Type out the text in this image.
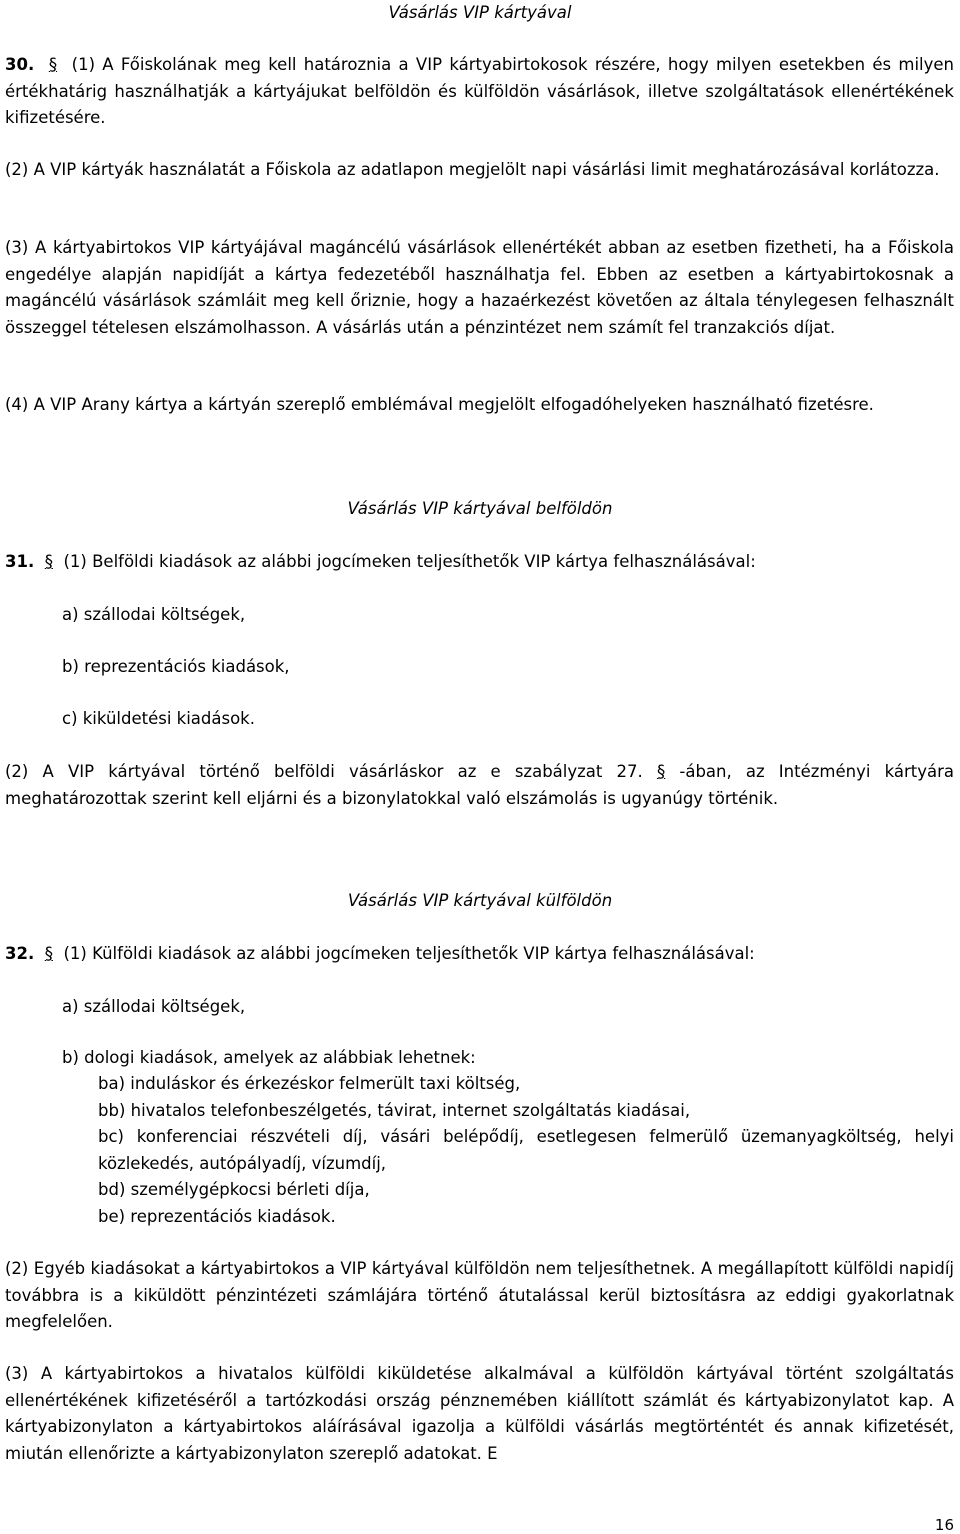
Vásárlás VIP kártyával

30. § (1) A Főiskolának meg kell határoznia a VIP kártyabirtokosok részére, hogy milyen esetekben és milyen értékhatárig használhatják a kártyájukat belföldön és külföldön vásárlások, illetve szolgáltatások ellenértékének kifizetésére.

(2) A VIP kártyák használatát a Főiskola az adatlapon megjelölt napi vásárlási limit meghatározásával korlátozza.

(3) A kártyabirtokos VIP kártyájával magáncélú vásárlások ellenértékét abban az esetben fizetheti, ha a Főiskola engedélye alapján napidíját a kártya fedezetéből használhatja fel. Ebben az esetben a kártyabirtokosnak a magáncélú vásárlások számláit meg kell őriznie, hogy a hazaérkezést követően az általa ténylegesen felhasznált összeggel tételesen elszámolhasson. A vásárlás után a pénzintézet nem számít fel tranzakciós díjat.

(4) A VIP Arany kártya a kártyán szereplő emblémával megjelölt elfogadóhelyeken használható fizetésre.

Vásárlás VIP kártyával belföldön

31. § (1) Belföldi kiadások az alábbi jogcímeken teljesíthetők VIP kártya felhasználásával:

a) szállodai költségek,

b) reprezentációs kiadások,

c) kiküldetési kiadások.

(2) A VIP kártyával történő belföldi vásárláskor az e szabályzat 27. § -ában, az Intézményi kártyára meghatározottak szerint kell eljárni és a bizonylatokkal való elszámolás is ugyanúgy történik.

Vásárlás VIP kártyával külföldön

32. § (1) Külföldi kiadások az alábbi jogcímeken teljesíthetők VIP kártya felhasználásával:

a) szállodai költségek,

b) dologi kiadások, amelyek az alábbiak lehetnek:

ba) induláskor és érkezéskor felmerült taxi költség,

bb) hivatalos telefonbeszélgetés, távirat, internet szolgáltatás kiadásai,

bc) konferenciai részvételi díj, vásári belépődíj, esetlegesen felmerülő üzemanyagköltség, helyi közlekedés, autópályadíj, vízumdíj,

bd) személygépkocsi bérleti díja,

be) reprezentációs kiadások.

(2) Egyéb kiadásokat a kártyabirtokos a VIP kártyával külföldön nem teljesíthetnek. A megállapított külföldi napidíj továbbra is a kiküldött pénzintézeti számlájára történő átutalással kerül biztosításra az eddigi gyakorlatnak megfelelően.

(3) A kártyabirtokos a hivatalos külföldi kiküldetése alkalmával a külföldön kártyával történt szolgáltatás ellenértékének kifizetéséről a tartózkodási ország pénznemében kiállított számlát és kártyabizonylatot kap. A kártyabizonylaton a kártyabirtokos aláírásával igazolja a külföldi vásárlás megtörténtét és annak kifizetését, miután ellenőrizte a kártyabizonylaton szereplő adatokat. E

16
